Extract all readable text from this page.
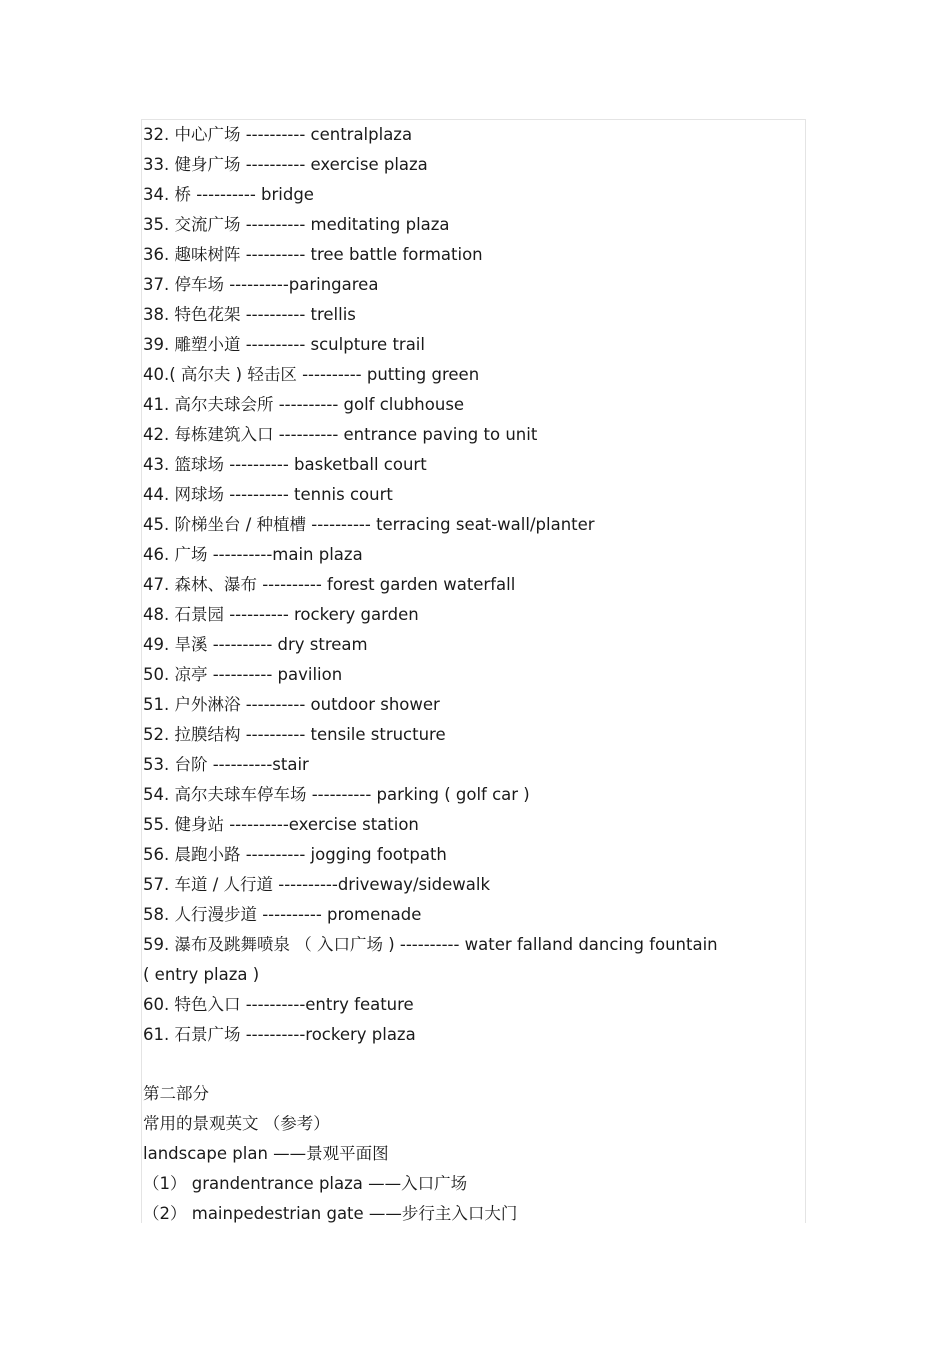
32. 中心广场 ---------- centralplaza
33. 健身广场 ---------- exercise plaza
34. 桥 ---------- bridge
35. 交流广场 ---------- meditating plaza
36. 趣味树阵 ---------- tree battle formation
37. 停车场 ----------paringarea
38. 特色花架 ---------- trellis
39. 雕塑小道 ---------- sculpture trail
40.( 高尔夫 ) 轻击区 ---------- putting green
41. 高尔夫球会所 ---------- golf clubhouse
42. 每栋建筑入口 ---------- entrance paving to unit
43. 篮球场 ---------- basketball court
44. 网球场 ---------- tennis court
45. 阶梯坐台 / 种植槽 ---------- terracing seat-wall/planter
46. 广场 ----------main plaza
47. 森林、瀑布 ---------- forest garden waterfall
48. 石景园 ---------- rockery garden
49. 旱溪 ---------- dry stream
50. 凉亭 ---------- pavilion
51. 户外淋浴 ---------- outdoor shower
52. 拉膜结构 ---------- tensile structure
53. 台阶 ----------stair
54. 高尔夫球车停车场 ---------- parking ( golf car )
55. 健身站 ----------exercise station
56. 晨跑小路 ---------- jogging footpath
57. 车道 / 人行道 ----------driveway/sidewalk
58. 人行漫步道 ---------- promenade
59. 瀑布及跳舞喷泉 （ 入口广场 ) ---------- water falland dancing fountain
( entry plaza )
60. 特色入口 ----------entry feature
61. 石景广场 ----------rockery plaza
第二部分
常用的景观英文 （参考）
landscape plan ——景观平面图
（1） grandentrance plaza ——入口广场
（2） mainpedestrian gate ——步行主入口大门
